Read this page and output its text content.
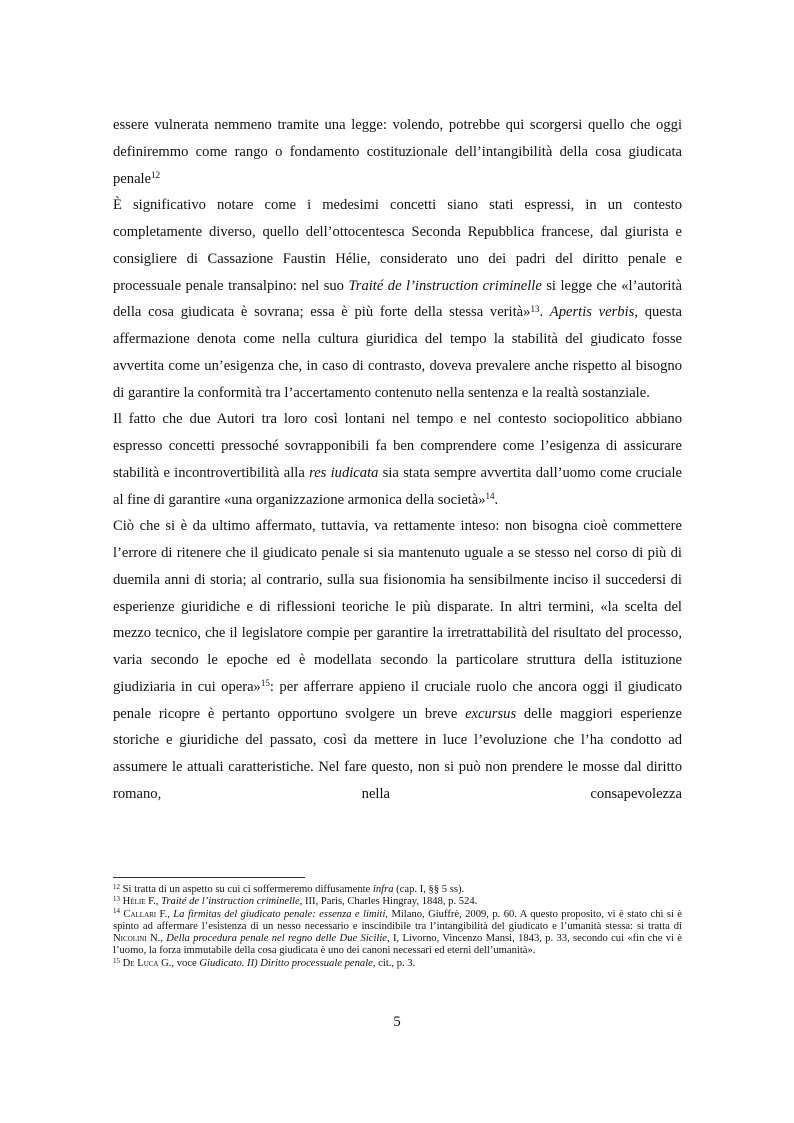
essere vulnerata nemmeno tramite una legge: volendo, potrebbe qui scorgersi quello che oggi definiremmo come rango o fondamento costituzionale dell’intangibilità della cosa giudicata penale$^{12}$

È significativo notare come i medesimi concetti siano stati espressi, in un contesto completamente diverso, quello dell’ottocentesca Seconda Repubblica francese, dal giurista e consigliere di Cassazione Faustin Hélie, considerato uno dei padri del diritto penale e processuale penale transalpino: nel suo Traité de l’instruction criminelle si legge che «l’autorità della cosa giudicata è sovrana; essa è più forte della stessa verità»$^{13}$. Apertis verbis, questa affermazione denota come nella cultura giuridica del tempo la stabilità del giudicato fosse avvertita come un’esigenza che, in caso di contrasto, doveva prevalere anche rispetto al bisogno di garantire la conformità tra l’accertamento contenuto nella sentenza e la realtà sostanziale.

Il fatto che due Autori tra loro così lontani nel tempo e nel contesto sociopolitico abbiano espresso concetti pressoché sovrapponibili fa ben comprendere come l’esigenza di assicurare stabilità e incontrovertibilità alla res iudicata sia stata sempre avvertita dall’uomo come cruciale al fine di garantire «una organizzazione armonica della società»$^{14}$.

Ciò che si è da ultimo affermato, tuttavia, va rettamente inteso: non bisogna cioè commettere l’errore di ritenere che il giudicato penale si sia mantenuto uguale a se stesso nel corso di più di duemila anni di storia; al contrario, sulla sua fisionomia ha sensibilmente inciso il succedersi di esperienze giuridiche e di riflessioni teoriche le più disparate. In altri termini, «la scelta del mezzo tecnico, che il legislatore compie per garantire la irretrattabilità del risultato del processo, varia secondo le epoche ed è modellata secondo la particolare struttura della istituzione giudiziaria in cui opera»$^{15}$: per afferrare appieno il cruciale ruolo che ancora oggi il giudicato penale ricopre è pertanto opportuno svolgere un breve excursus delle maggiori esperienze storiche e giuridiche del passato, così da mettere in luce l’evoluzione che l’ha condotto ad assumere le attuali caratteristiche. Nel fare questo, non si può non prendere le mosse dal diritto romano, nella consapevolezza

$^{12}$ Si tratta di un aspetto su cui ci soffermeremo diffusamente infra (cap. I, §§ 5 ss).
$^{13}$ Hélie F., Traité de l’instruction criminelle, III, Paris, Charles Hingray, 1848, p. 524.
$^{14}$ Callari F., La firmitas del giudicato penale: essenza e limiti, Milano, Giuffrè, 2009, p. 60. A questo proposito, vi è stato chi si è spinto ad affermare l’esistenza di un nesso necessario e inscindibile tra l’intangibilità del giudicato e l’umanità stessa: si tratta di Nicolini N., Della procedura penale nel regno delle Due Sicilie, I, Livorno, Vincenzo Mansi, 1843, p. 33, secondo cui «fin che vi è l’uomo, la forza immutabile della cosa giudicata è uno dei canoni necessari ed eterni dell’umanità».
$^{15}$ De Luca G., voce Giudicato. II) Diritto processuale penale, cit., p. 3.
5
